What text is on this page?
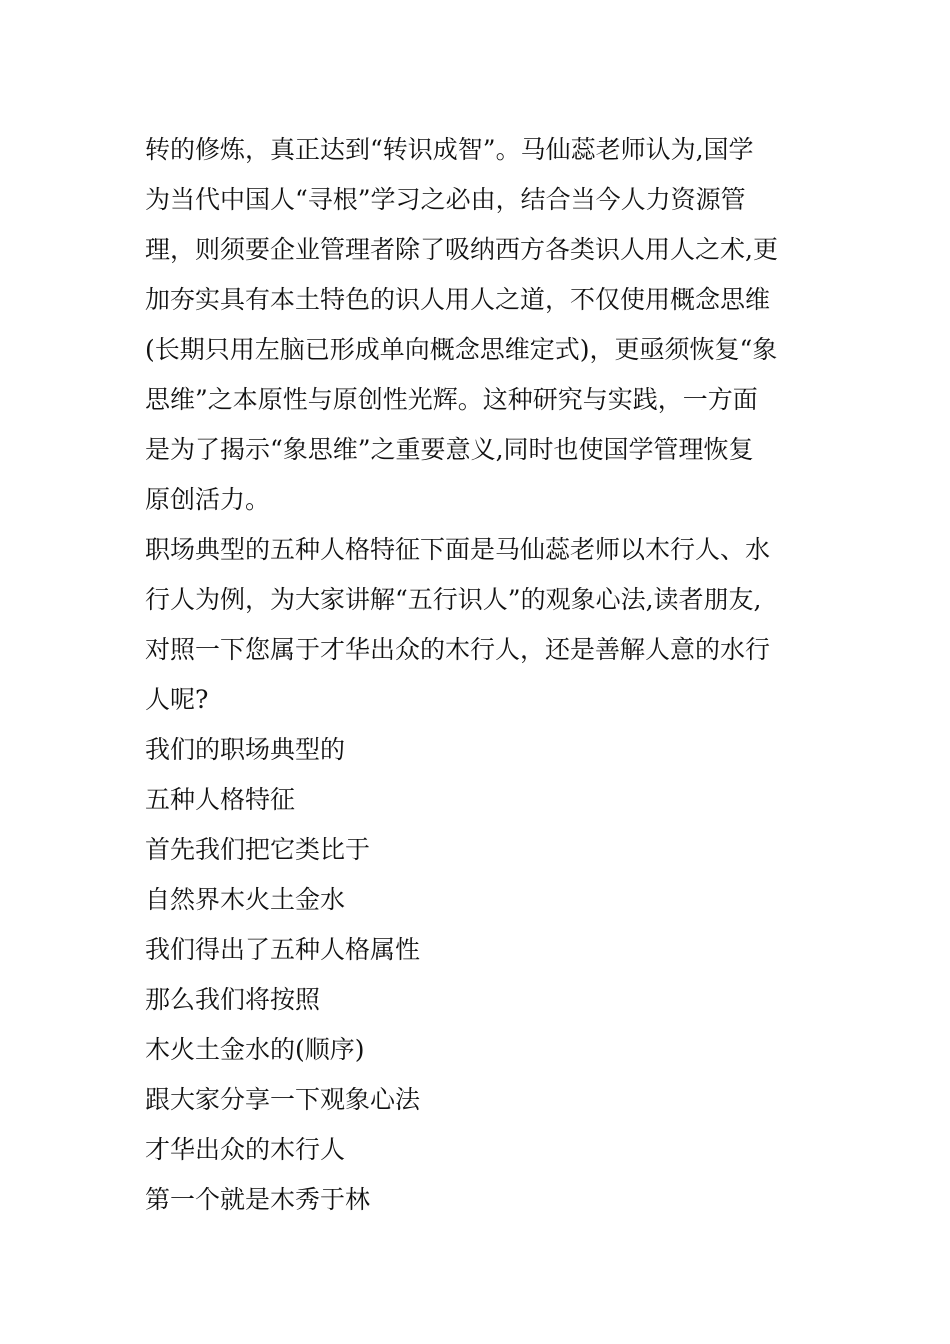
转的修炼，真正达到“转识成智”。马仙蕊老师认为,国学
为当代中国人“寻根”学习之必由，结合当今人力资源管
理，则须要企业管理者除了吸纳西方各类识人用人之术,更
加夯实具有本土特色的识人用人之道，不仅使用概念思维
(长期只用左脑已形成单向概念思维定式)，更亟须恢复“象
思维”之本原性与原创性光辉。这种研究与实践，一方面
是为了揭示“象思维”之重要意义,同时也使国学管理恢复
原创活力。
职场典型的五种人格特征下面是马仙蕊老师以木行人、水
行人为例，为大家讲解“五行识人”的观象心法,读者朋友,
对照一下您属于才华出众的木行人，还是善解人意的水行
人呢?
我们的职场典型的
五种人格特征
首先我们把它类比于
自然界木火土金水
我们得出了五种人格属性
那么我们将按照
木火土金水的(顺序)
跟大家分享一下观象心法
才华出众的木行人
第一个就是木秀于林
